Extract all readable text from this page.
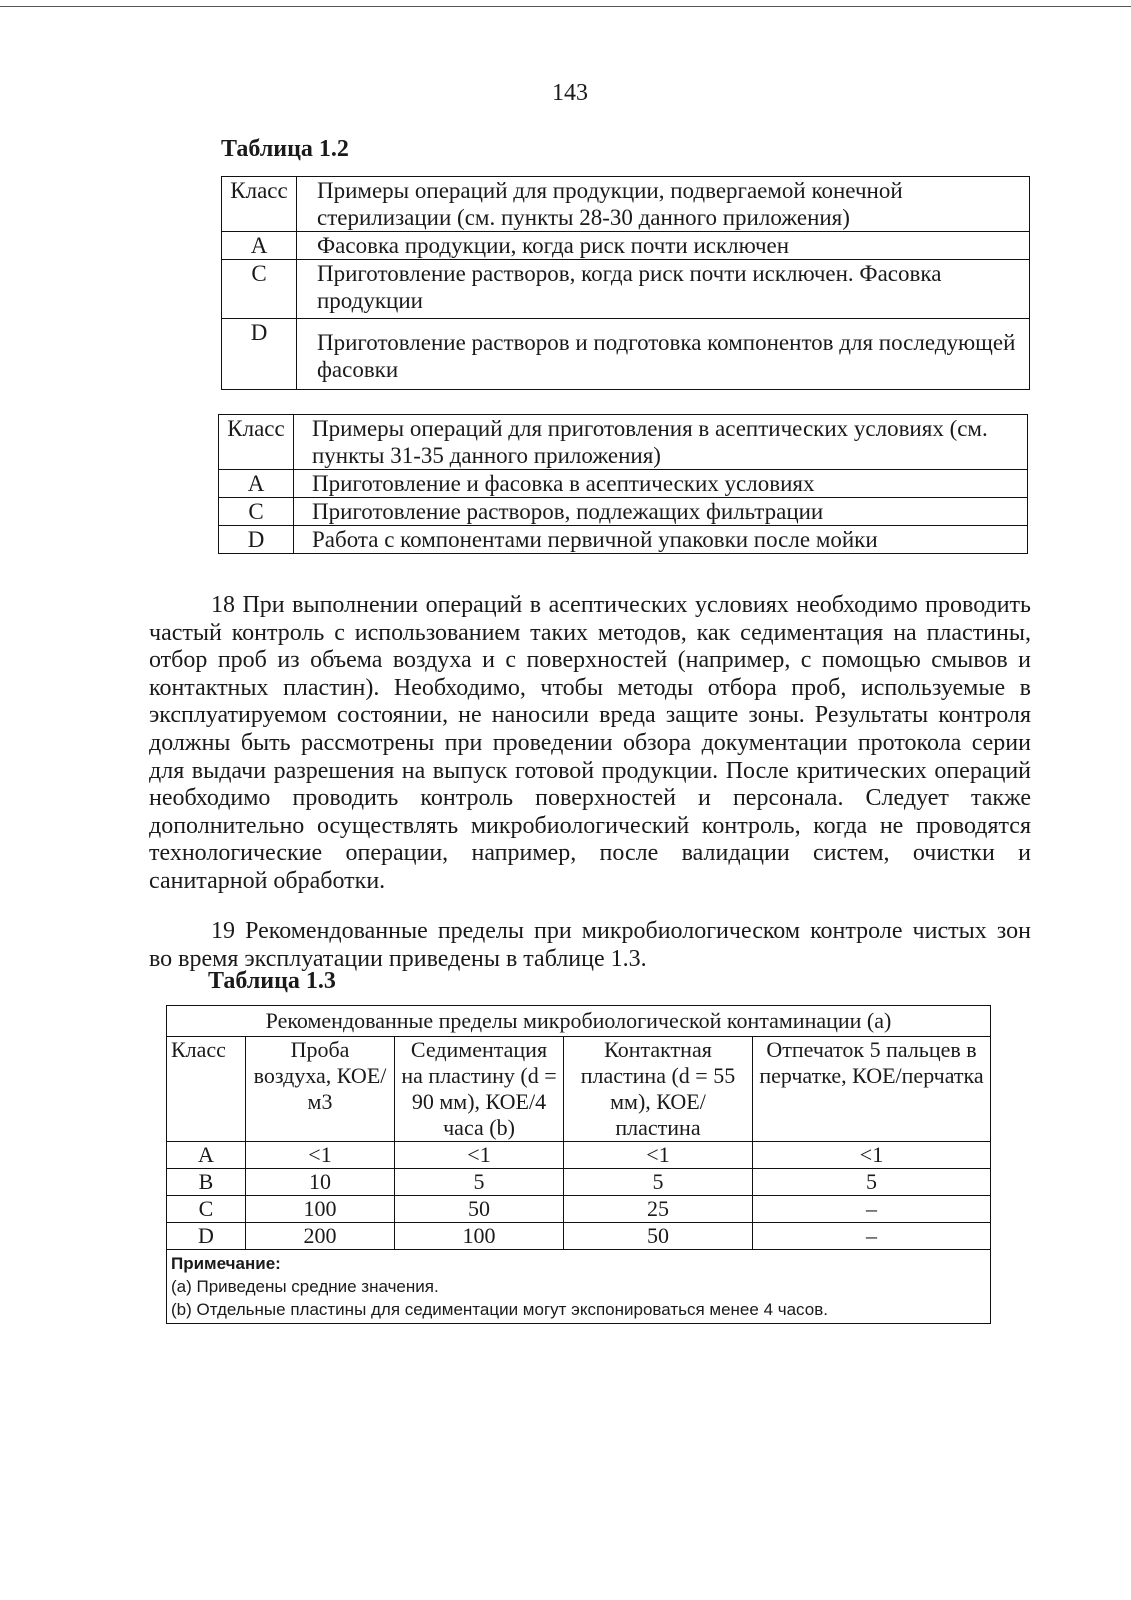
143
Таблица 1.2
Класс	Примеры операций для продукции, подвергаемой конечной стерилизации (см. пункты 28-30 данного приложения)
A	Фасовка продукции, когда риск почти исключен
C	Приготовление растворов, когда риск почти исключен. Фасовка продукции
D	Приготовление растворов и подготовка компонентов для последующей фасовки
Класс	Примеры операций для приготовления в асептических условиях (см. пункты 31-35 данного приложения)
A	Приготовление и фасовка в асептических условиях
C	Приготовление растворов, подлежащих фильтрации
D	Работа с компонентами первичной упаковки после мойки

18 При выполнении операций в асептических условиях необходимо проводить частый контроль с использованием таких методов, как седиментация на пластины, отбор проб из объема воздуха и с поверхностей (например, с помощью смывов и контактных пластин). Необходимо, чтобы методы отбора проб, используемые в эксплуатируемом состоянии, не наносили вреда защите зоны. Результаты контроля должны быть рассмотрены при проведении обзора документации протокола серии для выдачи разрешения на выпуск готовой продукции. После критических операций необходимо проводить контроль поверхностей и персонала. Следует также дополнительно осуществлять микробиологический контроль, когда не проводятся технологические операции, например, после валидации систем, очистки и санитарной обработки.

19 Рекомендованные пределы при микробиологическом контроле чистых зон во время эксплуатации приведены в таблице 1.3.

Таблица 1.3
Рекомендованные пределы микробиологической контаминации (a)				
Класс	Проба воздуха, КОЕ/м3	Седиментация на пластину (d = 90 мм), КОЕ/4 часа (b)	Контактная пластина (d = 55 мм), КОЕ/пластина	Отпечаток 5 пальцев в перчатке, КОЕ/перчатка
A	<1	<1	<1	<1
B	10	5	5	5
C	100	50	25	–
D	200	100	50	–
Примечание:
(a) Приведены средние значения.
(b) Отдельные пластины для седиментации могут экспонироваться менее 4 часов.				
